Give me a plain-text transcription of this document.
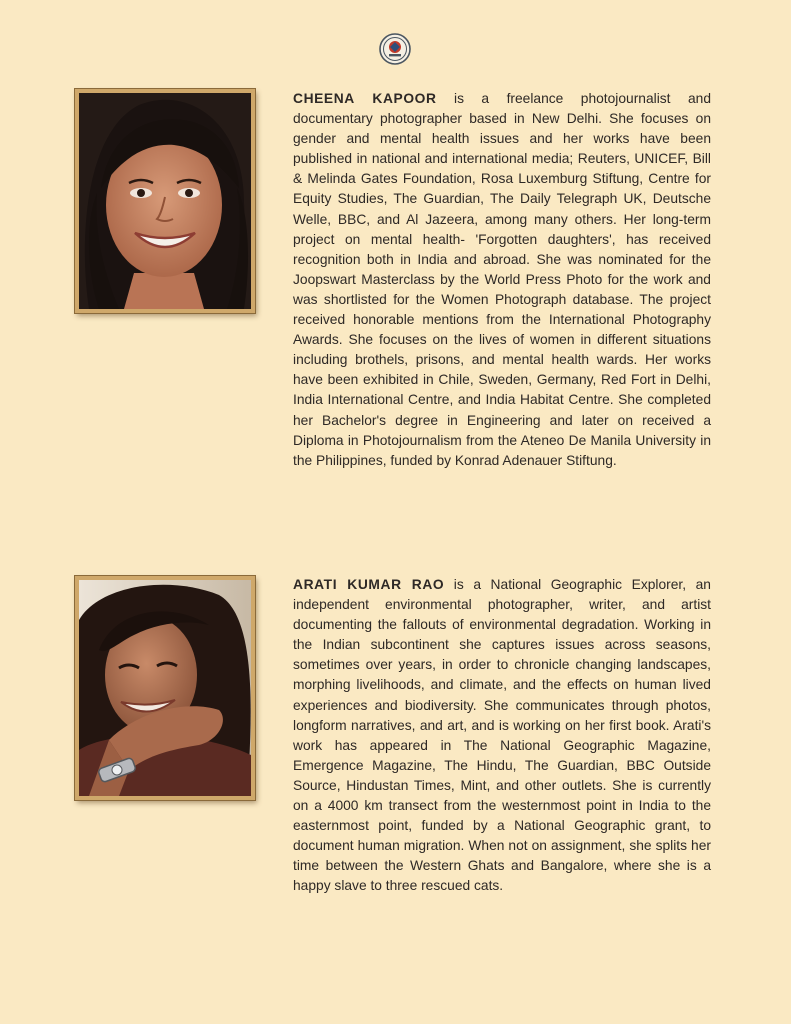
CHEENA KAPOOR is a freelance photojournalist and documentary photographer based in New Delhi. She focuses on gender and mental health issues and her works have been published in national and international media; Reuters, UNICEF, Bill & Melinda Gates Foundation, Rosa Luxemburg Stiftung, Centre for Equity Studies, The Guardian, The Daily Telegraph UK, Deutsche Welle, BBC, and Al Jazeera, among many others. Her long-term project on mental health- 'Forgotten daughters', has received recognition both in India and abroad. She was nominated for the Joopswart Masterclass by the World Press Photo for the work and was shortlisted for the Women Photograph database. The project received honorable mentions from the International Photography Awards. She focuses on the lives of women in different situations including brothels, prisons, and mental health wards. Her works have been exhibited in Chile, Sweden, Germany, Red Fort in Delhi, India International Centre, and India Habitat Centre. She completed her Bachelor's degree in Engineering and later on received a Diploma in Photojournalism from the Ateneo De Manila University in the Philippines, funded by Konrad Adenauer Stiftung.

ARATI KUMAR RAO is a National Geographic Explorer, an independent environmental photographer, writer, and artist documenting the fallouts of environmental degradation. Working in the Indian subcontinent she captures issues across seasons, sometimes over years, in order to chronicle changing landscapes, morphing livelihoods, and climate, and the effects on human lived experiences and biodiversity. She communicates through photos, longform narratives, and art, and is working on her first book. Arati's work has appeared in The National Geographic Magazine, Emergence Magazine, The Hindu, The Guardian, BBC Outside Source, Hindustan Times, Mint, and other outlets. She is currently on a 4000 km transect from the westernmost point in India to the easternmost point, funded by a National Geographic grant, to document human migration. When not on assignment, she splits her time between the Western Ghats and Bangalore, where she is a happy slave to three rescued cats.
